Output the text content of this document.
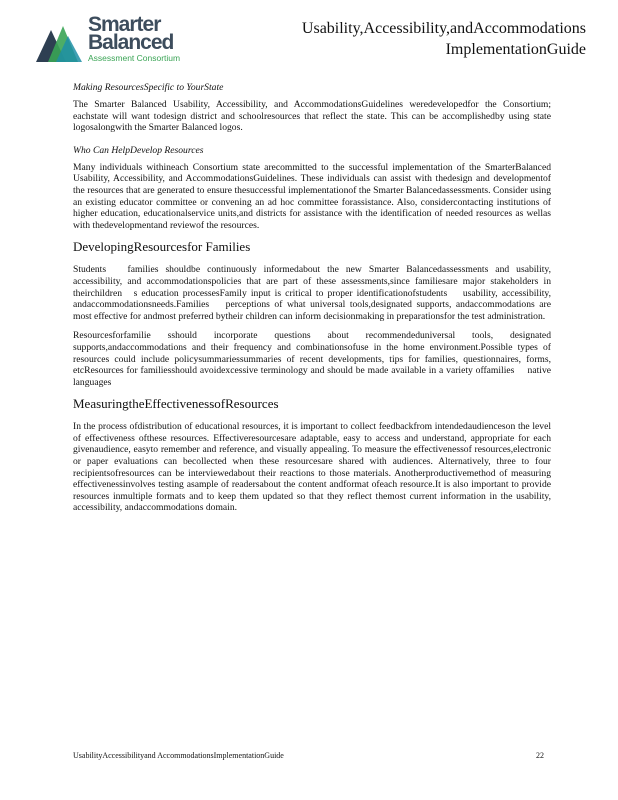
Smarter
Balanced
Assessment Consortium
Usability,Accessibility,andAccommodations
ImplementationGuide
Making ResourcesSpecific to YourState

The Smarter Balanced Usability, Accessibility, and AccommodationsGuidelines weredevelopedfor the Consortium; eachstate will want todesign district and schoolresources that reflect the state. This can be accomplishedby using state logosalongwith the Smarter Balanced logos.

Who Can HelpDevelop Resources

Many individuals withineach Consortium state arecommitted to the successful implementation of the SmarterBalanced Usability, Accessibility, and AccommodationsGuidelines. These individuals can assist with thedesign and developmentof the resources that are generated to ensure thesuccessful implementationof the Smarter Balancedassessments. Consider using an existing educator committee or convening an ad hoc committee forassistance. Also, considercontacting institutions of higher education, educationalservice units,and districts for assistance with the identification of needed resources as wellas with thedevelopmentand reviewof the resources.

DevelopingResourcesfor Families

Students   families shouldbe continuously informedabout the new Smarter Balancedassessments and usability, accessibility, and accommodationspolicies that are part of these assessments,since familiesare major stakeholders in theirchildren  s education processesFamily input is critical to proper identificationofstudents   usability, accessibility, andaccommodationsneeds.Families   perceptions of what universal tools,designated supports, andaccommodations are most effective for andmost preferred bytheir children can inform decisionmaking in preparationsfor the test administration.

Resourcesforfamilie sshould incorporate questions about recommendeduniversal tools, designated supports,andaccommodations and their frequency and combinationsofuse in the home environment.Possible types of resources could include policysummariessummaries of recent developments, tips for families, questionnaires, forms, etcResources for familiesshould avoidexcessive terminology and should be made available in a variety offamilies   native languages

MeasuringtheEffectivenessofResources

In the process ofdistribution of educational resources, it is important to collect feedbackfrom intendedaudienceson the level of effectiveness ofthese resources. Effectiveresourcesare adaptable, easy to access and understand, appropriate for each givenaudience, easyto remember and reference, and visually appealing. To measure the effectivenessof resources,electronic or paper evaluations can becollected when these resourcesare shared with audiences. Alternatively, three to four recipientsofresources can be interviewedabout their reactions to those materials. Anotherproductivemethod of measuring effectivenessinvolves testing asample of readersabout the content andformat ofeach resource.It is also important to provide resources inmultiple formats and to keep them updated so that they reflect themost current information in the usability, accessibility, andaccommodations domain.

UsabilityAccessibilityand AccommodationsImplementationGuide	22
